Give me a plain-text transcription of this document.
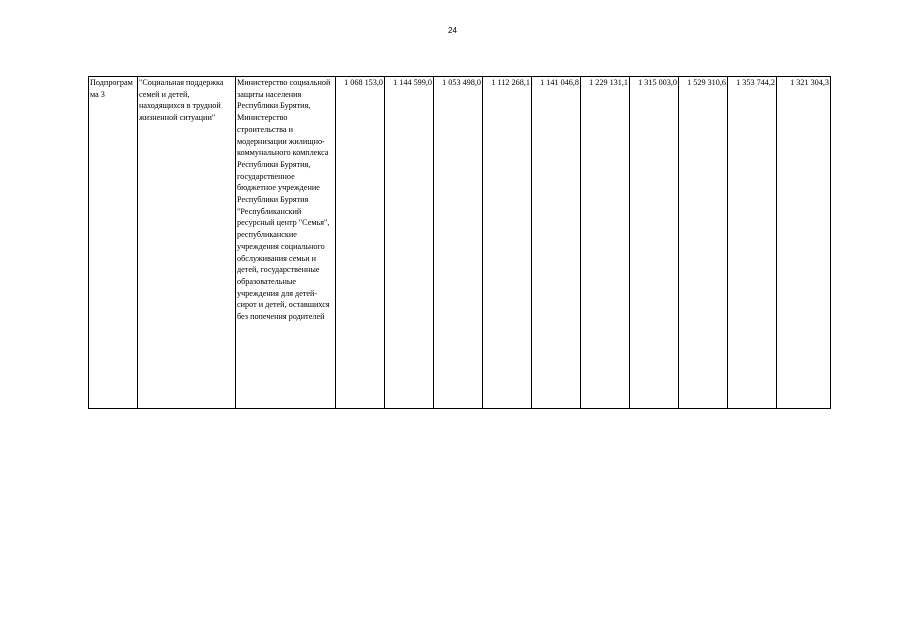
24
Подпрограмма 3	"Социальная поддержка семей и детей, находящихся в трудной жизненной ситуации"	Министерство социальной защиты населения Республики Бурятия, Министерство строительства и модернизации жилищно-коммунального комплекса Республики Бурятия, государственное бюджетное учреждение Республики Бурятия "Республиканский ресурсный центр "Семья", республиканские учреждения социального обслуживания семьи и детей, государственные образовательные учреждения для детей-сирот и детей, оставшихся без попечения родителей	1 068 153,0	1 144 599,0	1 053 498,0	1 112 268,1	1 141 046,8	1 229 131,1	1 315 003,0	1 529 310,6	1 353 744,2	1 321 304,3
